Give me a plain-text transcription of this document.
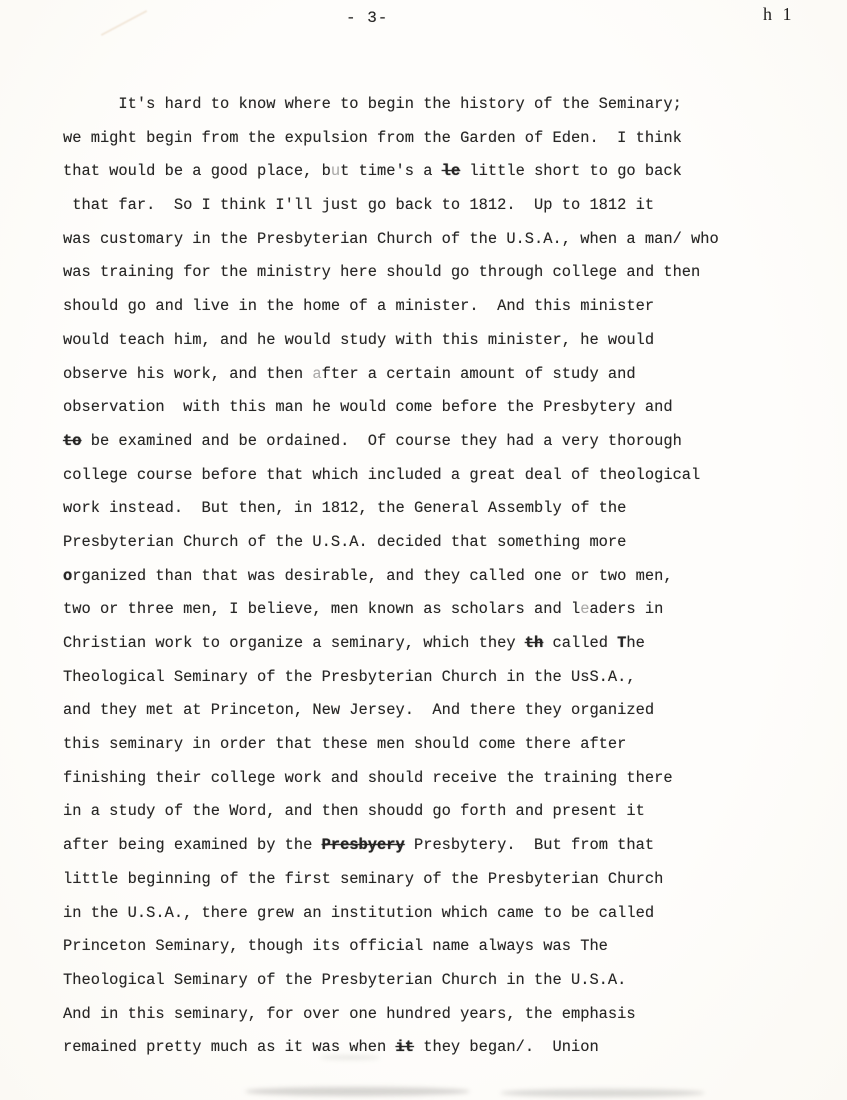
- 3-	h 1
It's hard to know where to begin the history of the Seminary;
we might begin from the expulsion from the Garden of Eden.  I think
that would be a good place, but time's a le little short to go back
that far.  So I think I'll just go back to 1812.  Up to 1812 it
was customary in the Presbyterian Church of the U.S.A., when a man/ who
was training for the ministry here should go through college and then
should go and live in the home of a minister.  And this minister
would teach him, and he would study with this minister, he would
observe his work, and then after a certain amount of study and
observation  with this man he would come before the Presbytery and
to be examined and be ordained.  Of course they had a very thorough
college course before that which included a great deal of theological
work instead.  But then, in 1812, the General Assembly of the
Presbyterian Church of the U.S.A. decided that something more
organized than that was desirable, and they called one or two men,
two or three men, I believe, men known as scholars and leaders in
Christian work to organize a seminary, which they th called The
Theological Seminary of the Presbyterian Church in the UsS.A.,
and they met at Princeton, New Jersey.  And there they organized
this seminary in order that these men should come there after
finishing their college work and should receive the training there
in a study of the Word, and then shoudd go forth and present it
after being examined by the Presbyery Presbytery.  But from that
little beginning of the first seminary of the Presbyterian Church
in the U.S.A., there grew an institution which came to be called
Princeton Seminary, though its official name always was The
Theological Seminary of the Presbyterian Church in the U.S.A.
And in this seminary, for over one hundred years, the emphasis
remained pretty much as it was when it they began/.  Union
